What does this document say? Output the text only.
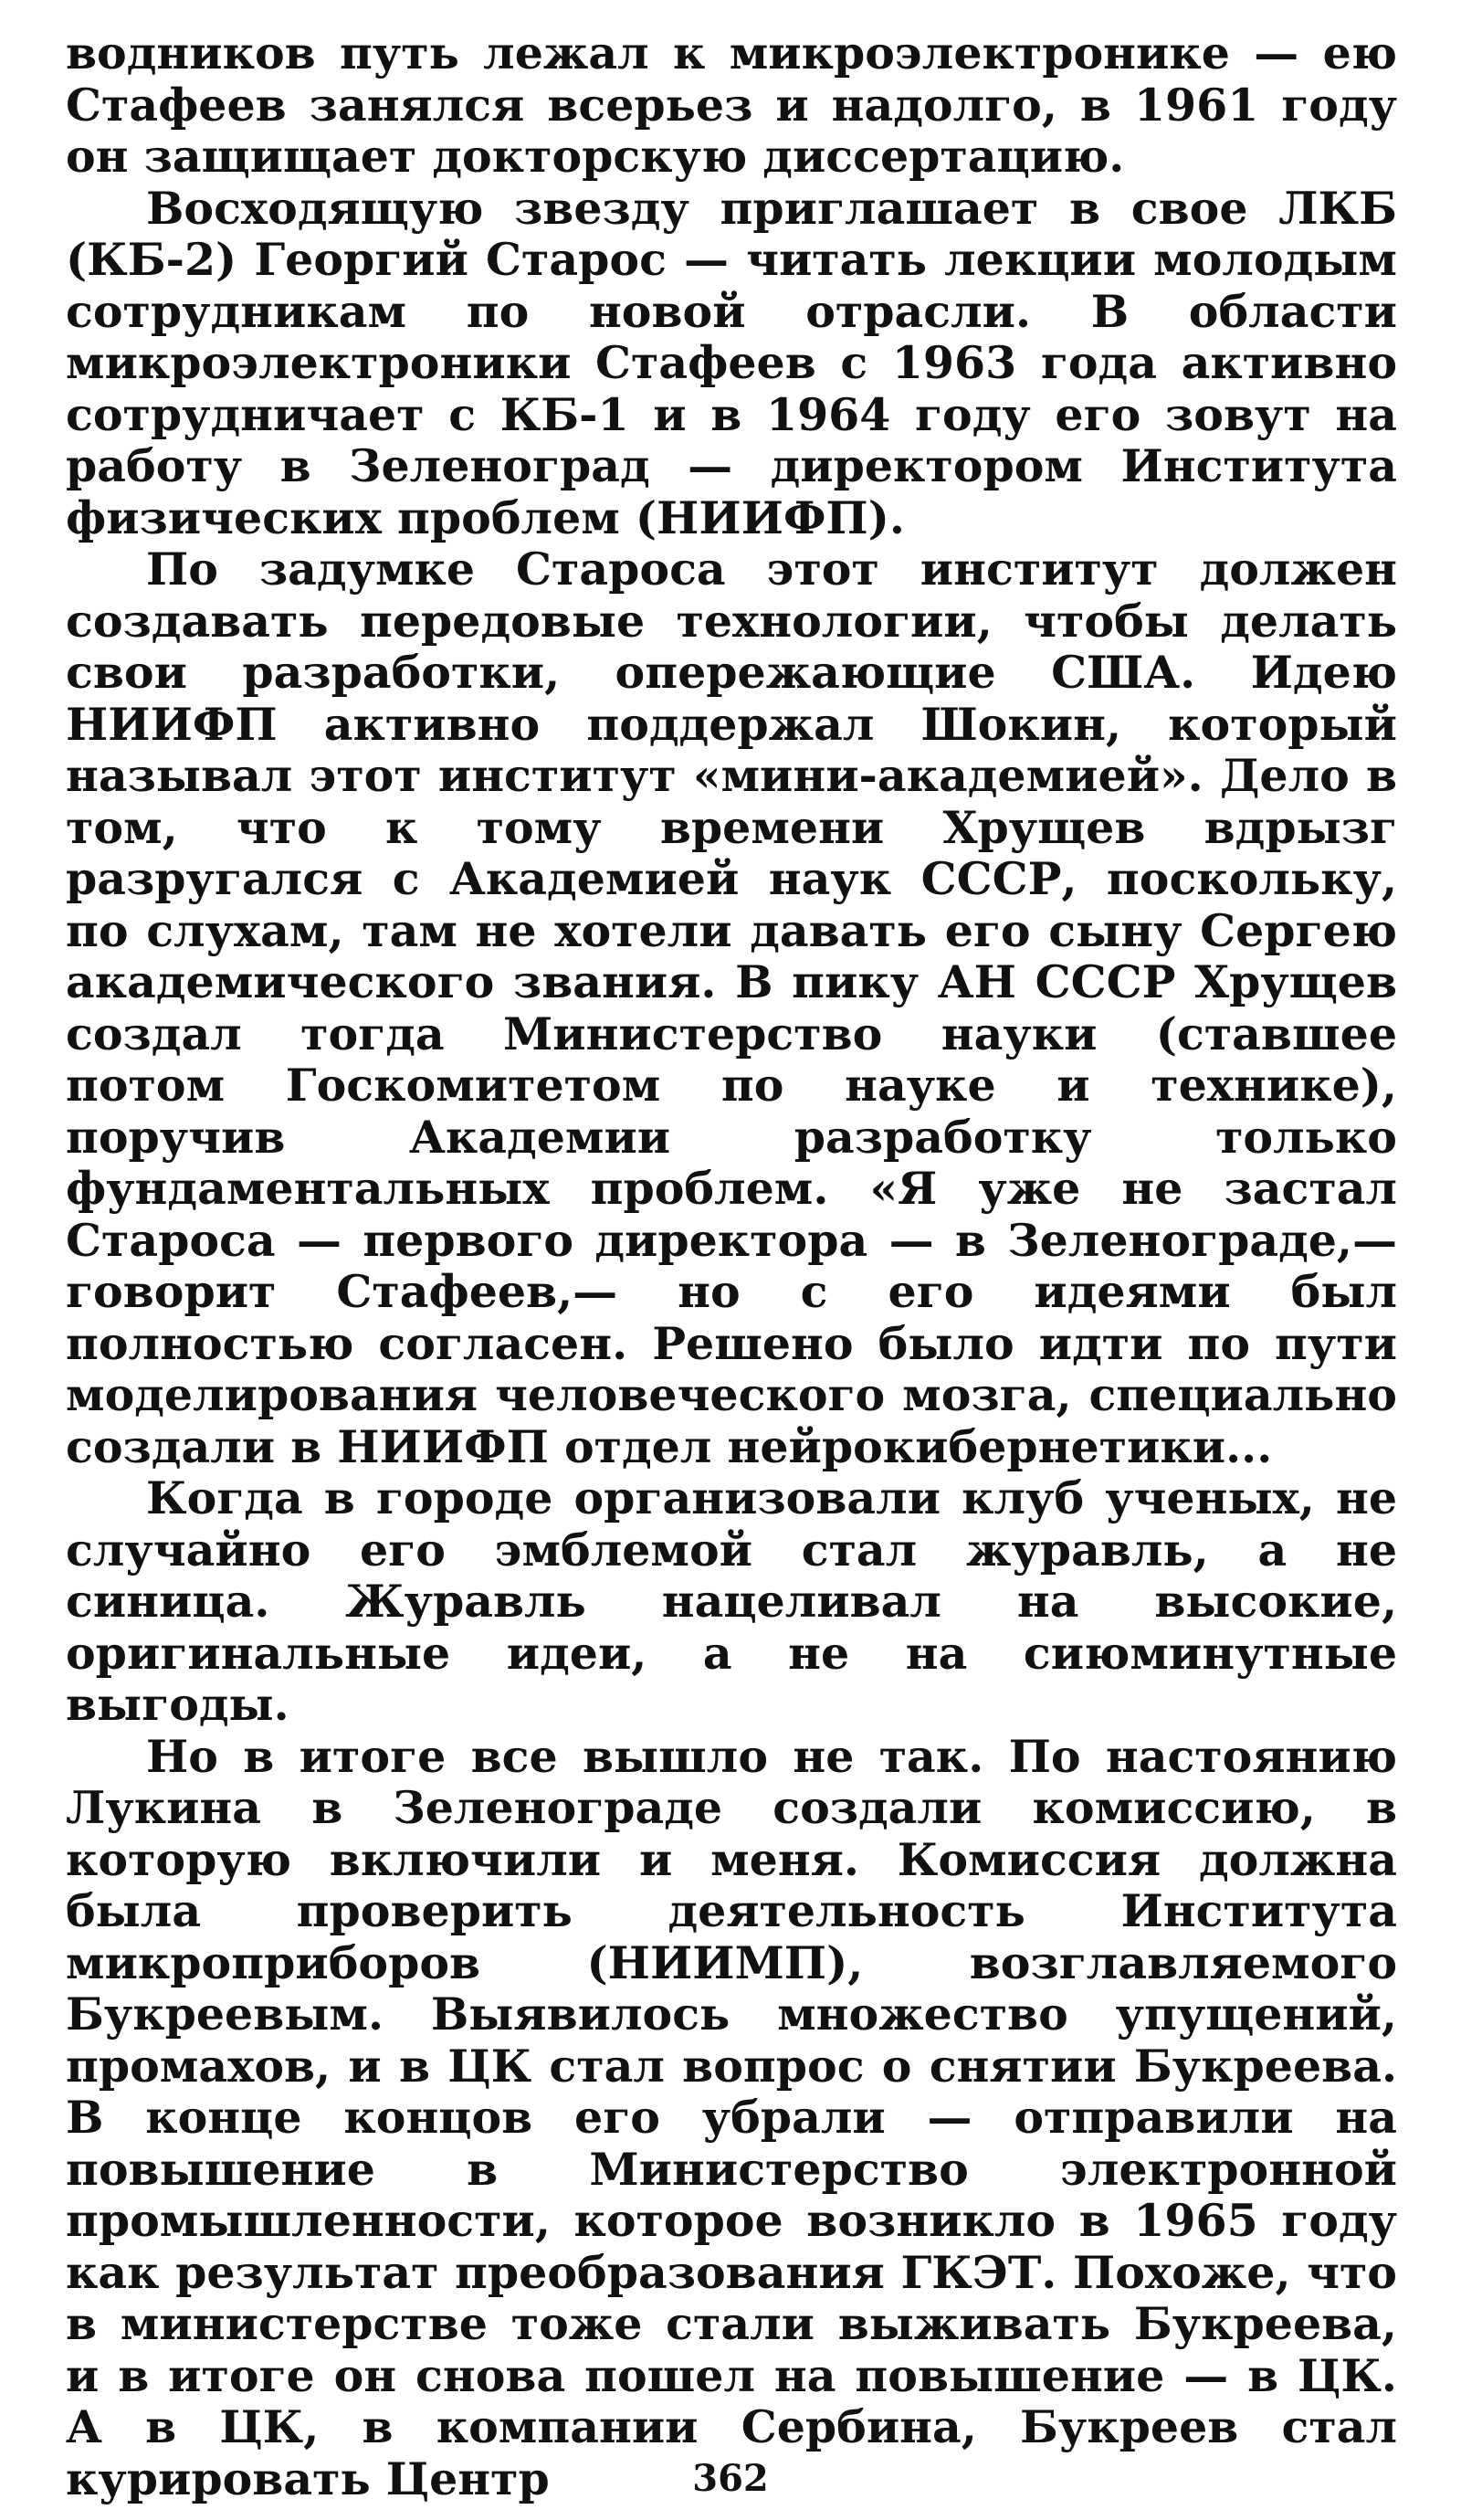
водников путь лежал к микроэлектронике — ею Стафеев занялся всерьез и надолго, в 1961 году он защищает докторскую диссертацию.

Восходящую звезду приглашает в свое ЛКБ (КБ-2) Георгий Старос — читать лекции молодым сотрудникам по новой отрасли. В области микроэлектроники Стафеев с 1963 года активно сотрудничает с КБ-1 и в 1964 году его зовут на работу в Зеленоград — директором Института физических проблем (НИИФП).

По задумке Староса этот институт должен создавать передовые технологии, чтобы делать свои разработки, опережающие США. Идею НИИФП активно поддержал Шокин, который называл этот институт «мини-академией». Дело в том, что к тому времени Хрущев вдрызг разругался с Академией наук СССР, поскольку, по слухам, там не хотели давать его сыну Сергею академического звания. В пику АН СССР Хрущев создал тогда Министерство науки (ставшее потом Госкомитетом по науке и технике), поручив Академии разработку только фундаментальных проблем. «Я уже не застал Староса — первого директора — в Зеленограде,— говорит Стафеев,— но с его идеями был полностью согласен. Решено было идти по пути моделирования человеческого мозга, специально создали в НИИФП отдел нейрокибернетики...

Когда в городе организовали клуб ученых, не случайно его эмблемой стал журавль, а не синица. Журавль нацеливал на высокие, оригинальные идеи, а не на сиюминутные выгоды.

Но в итоге все вышло не так. По настоянию Лукина в Зеленограде создали комиссию, в которую включили и меня. Комиссия должна была проверить деятельность Института микроприборов (НИИМП), возглавляемого Букреевым. Выявилось множество упущений, промахов, и в ЦК стал вопрос о снятии Букреева. В конце концов его убрали — отправили на повышение в Министерство электронной промышленности, которое возникло в 1965 году как результат преобразования ГКЭТ. Похоже, что в министерстве тоже стали выживать Букреева, и в итоге он снова пошел на повышение — в ЦК. А в ЦК, в компании Сербина, Букреев стал курировать Центр	362
